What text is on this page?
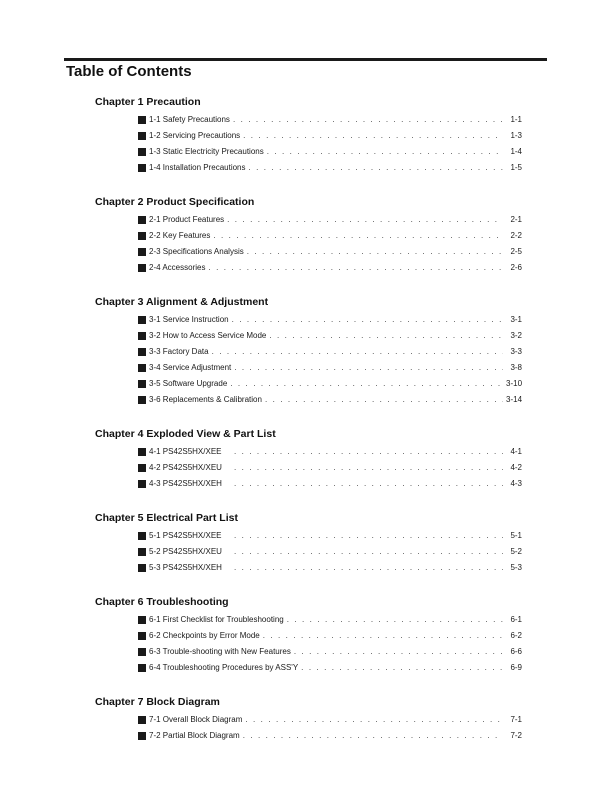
Table of Contents
Chapter 1 Precaution
1-1 Safety Precautions . . .	1-1
1-2 Servicing Precautions . . .	1-3
1-3 Static Electricity Precautions . . .	1-4
1-4 Installation Precautions . . .	1-5
Chapter 2 Product Specification
2-1 Product Features . . .	2-1
2-2 Key Features . . .	2-2
2-3 Specifications Analysis . . .	2-5
2-4 Accessories . . .	2-6
Chapter 3 Alignment & Adjustment
3-1 Service Instruction . . .	3-1
3-2 How to Access Service Mode . . .	3-2
3-3 Factory Data . . .	3-3
3-4 Service Adjustment . . .	3-8
3-5 Software Upgrade . . .	3-10
3-6 Replacements & Calibration . . .	3-14
Chapter 4 Exploded View & Part List
4-1 PS42S5HX/XEE . . .	4-1
4-2 PS42S5HX/XEU . . .	4-2
4-3 PS42S5HX/XEH . . .	4-3
Chapter 5 Electrical Part List
5-1 PS42S5HX/XEE . . .	5-1
5-2 PS42S5HX/XEU . . .	5-2
5-3 PS42S5HX/XEH . . .	5-3
Chapter 6 Troubleshooting
6-1 First Checklist for Troubleshooting . . .	6-1
6-2 Checkpoints by Error Mode . . .	6-2
6-3 Trouble-shooting with New Features . . .	6-6
6-4 Troubleshooting Procedures by ASS'Y . . .	6-9
Chapter 7 Block Diagram
7-1 Overall Block Diagram . . .	7-1
7-2 Partial Block Diagram . . .	7-2
